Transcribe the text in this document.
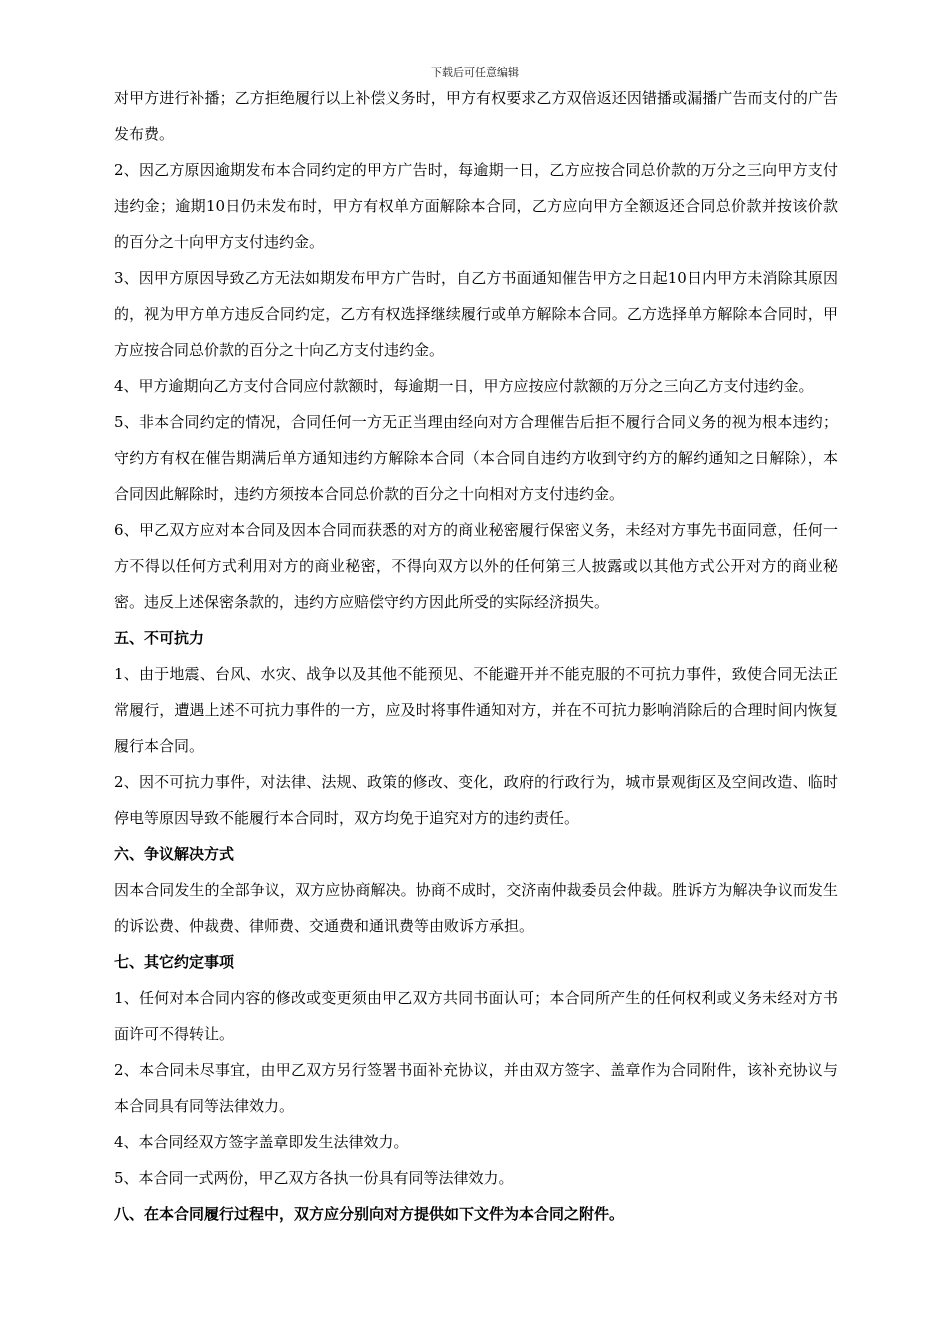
下载后可任意编辑

对甲方进行补播；乙方拒绝履行以上补偿义务时，甲方有权要求乙方双倍返还因错播或漏播广告而支付的广告发布费。

2、因乙方原因逾期发布本合同约定的甲方广告时，每逾期一日，乙方应按合同总价款的万分之三向甲方支付违约金；逾期10日仍未发布时，甲方有权单方面解除本合同，乙方应向甲方全额返还合同总价款并按该价款的百分之十向甲方支付违约金。

3、因甲方原因导致乙方无法如期发布甲方广告时，自乙方书面通知催告甲方之日起10日内甲方未消除其原因的，视为甲方单方违反合同约定，乙方有权选择继续履行或单方解除本合同。乙方选择单方解除本合同时，甲方应按合同总价款的百分之十向乙方支付违约金。

4、甲方逾期向乙方支付合同应付款额时，每逾期一日，甲方应按应付款额的万分之三向乙方支付违约金。

5、非本合同约定的情况，合同任何一方无正当理由经向对方合理催告后拒不履行合同义务的视为根本违约；守约方有权在催告期满后单方通知违约方解除本合同（本合同自违约方收到守约方的解约通知之日解除），本合同因此解除时，违约方须按本合同总价款的百分之十向相对方支付违约金。

6、甲乙双方应对本合同及因本合同而获悉的对方的商业秘密履行保密义务，未经对方事先书面同意，任何一方不得以任何方式利用对方的商业秘密，不得向双方以外的任何第三人披露或以其他方式公开对方的商业秘密。违反上述保密条款的，违约方应赔偿守约方因此所受的实际经济损失。

五、不可抗力

1、由于地震、台风、水灾、战争以及其他不能预见、不能避开并不能克服的不可抗力事件，致使合同无法正常履行，遭遇上述不可抗力事件的一方，应及时将事件通知对方，并在不可抗力影响消除后的合理时间内恢复履行本合同。

2、因不可抗力事件，对法律、法规、政策的修改、变化，政府的行政行为，城市景观街区及空间改造、临时停电等原因导致不能履行本合同时，双方均免于追究对方的违约责任。

六、争议解决方式

因本合同发生的全部争议，双方应协商解决。协商不成时，交济南仲裁委员会仲裁。胜诉方为解决争议而发生的诉讼费、仲裁费、律师费、交通费和通讯费等由败诉方承担。

七、其它约定事项

1、任何对本合同内容的修改或变更须由甲乙双方共同书面认可；本合同所产生的任何权利或义务未经对方书面许可不得转让。

2、本合同未尽事宜，由甲乙双方另行签署书面补充协议，并由双方签字、盖章作为合同附件，该补充协议与本合同具有同等法律效力。

4、本合同经双方签字盖章即发生法律效力。

5、本合同一式两份，甲乙双方各执一份具有同等法律效力。

八、在本合同履行过程中，双方应分别向对方提供如下文件为本合同之附件。
